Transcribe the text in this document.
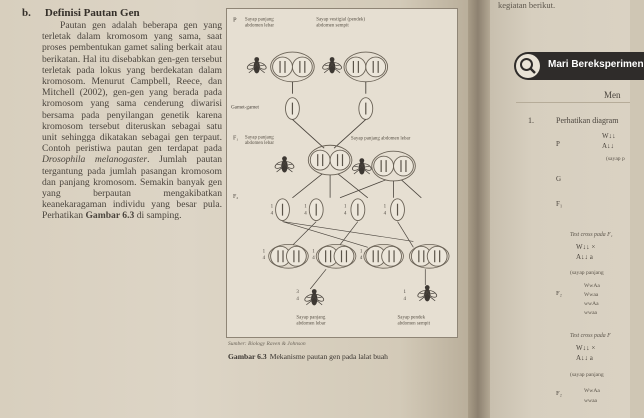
b. Definisi Pautan Gen

Pautan gen adalah beberapa gen yang terletak dalam kromosom yang sama, saat proses pembentukan gamet saling berkait atau berikatan. Hal itu disebabkan gen-gen tersebut terletak pada lokus yang berdekatan dalam kromosom. Menurut Campbell, Reece, dan Mitchell (2002), gen-gen yang berada pada kromosom yang sama cenderung diwarisi bersama pada penyilangan genetik karena kromosom tersebut diteruskan sebagai satu unit sehingga dikatakan sebagai gen terpaut. Contoh peristiwa pautan gen terdapat pada Drosophila melanogaster. Jumlah pautan tergantung pada jumlah pasangan kromosom dan panjang kromosom. Semakin banyak gen yang berpautan mengakibatkan keanekaragaman individu yang besar pula. Perhatikan Gambar 6.3 di samping.

P
Gamet-gamet
F₁
F₂
Sayap panjang abdomen lebar
Sayap vestigial (pendek) abdomen sempit
Sayap panjang abdomen lebar
Sayap panjang abdomen lebar
1
4
1
4
1
4
1
4
1
4
1
4
1
4
3
4
1
4
Sayap panjang abdomen lebar
Sayap pendek abdomen sempit
Sumber: Biology Raven & Johnson
Gambar 6.3 Mekanisme pautan gen pada lalat buah
kegiatan berikut.
Mari Bereksperimen
Men
1.	Perhatikan diagram
P
W↓↓
A↓↓
(sayap p
G
F₁
Test cross pada F₁
W↓↓ ×
A↓↓ a
(sayap panjang
F₂
WwAa
Wwaa
wwAa
wwaa
Test cross pada F
W↓↓ ×
A↓↓ a
(sayap panjang
F₂	WwAa
wwaa
